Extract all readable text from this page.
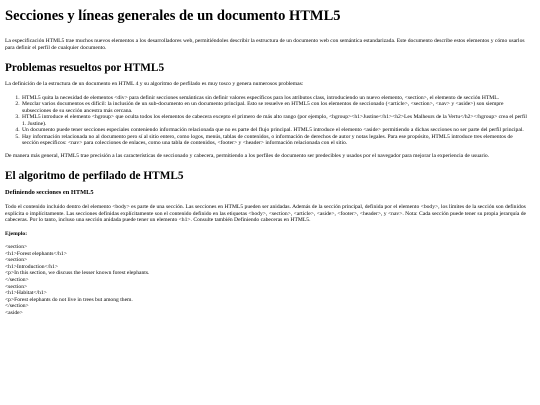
Secciones y líneas generales de un documento HTML5

La especificación HTML5 trae muchos nuevos elementos a los desarrolladores web, permitiéndoles describir la estructura de un documento web con semántica estandarizada. Este documento describe estos elementos y cómo usarlos para definir el perfil de cualquier documento.

Problemas resueltos por HTML5

La definición de la estructura de un documento en HTML 4 y su algoritmo de perfilado es muy tosco y genera numerosos problemas:

1. HTML5 quita la necesidad de elementos <div> para definir secciones semánticas sin definir valores específicos para los atributos class, introduciendo un nuevo elemento, <section>, el elemento de sección HTML.
2. Mezclar varios documentos es difícil: la inclusión de un sub-documento en un documento principal. Esto se resuelve en HTML5 con los elementos de seccionado (<article>, <section>, <nav> y <aside>) son siempre subsecciones de su sección ancestra más cercana.
3. HTML5 introduce el elemento <hgroup> que oculta todos los elementos de cabecera excepto el primero de más alto rango (por ejemplo, <hgroup><h1>Justine</h1><h2>Les Malheurs de la Vertu</h2></hgroup> crea el perfil 1. Justine).
4. Un documento puede tener secciones especiales conteniendo información relacionada que no es parte del flujo principal. HTML5 introduce el elemento <aside> permitiendo a dichas secciones no ser parte del perfil principal.
5. Hay información relacionada no al documento pero sí al sitio entero, como logos, menús, tablas de contenidos, o información de derechos de autor y notas legales. Para ese propósito, HTML5 introduce tres elementos de sección específicos: <nav> para colecciones de enlaces, como una tabla de contenidos, <footer> y <header> información relacionada con el sitio.

De manera más general, HTML5 trae precisión a las características de seccionado y cabecera, permitiendo a los perfiles de documento ser predecibles y usados por el navegador para mejorar la experiencia de usuario.

El algoritmo de perfilado de HTML5
Definiendo secciones en HTML5

Todo el contenido incluido dentro del elemento <body> es parte de una sección. Las secciones en HTML5 pueden ser anidadas. Además de la sección principal, definida por el elemento <body>, los límites de la sección son definidos explícita o implícitamente. Las secciones definidas explícitamente son el contenido definido en las etiquetas <body>, <section>, <article>, <aside>, <footer>, <header>, y <nav>. Nota: Cada sección puede tener su propia jerarquía de cabeceras. Por lo tanto, incluso una sección anidada puede tener un elemento <h1>. Consulte también Definiendo cabeceras en HTML5.

Ejemplo:
<section>
<h1>Forest elephants</h1>
<section>
<h1>Introduction</h1>
<p>In this section, we discuss the lesser known forest elephants.
</section>
<section>
<h1>Habitat</h1>
<p>Forest elephants do not live in trees but among them.
</section>
<aside>
